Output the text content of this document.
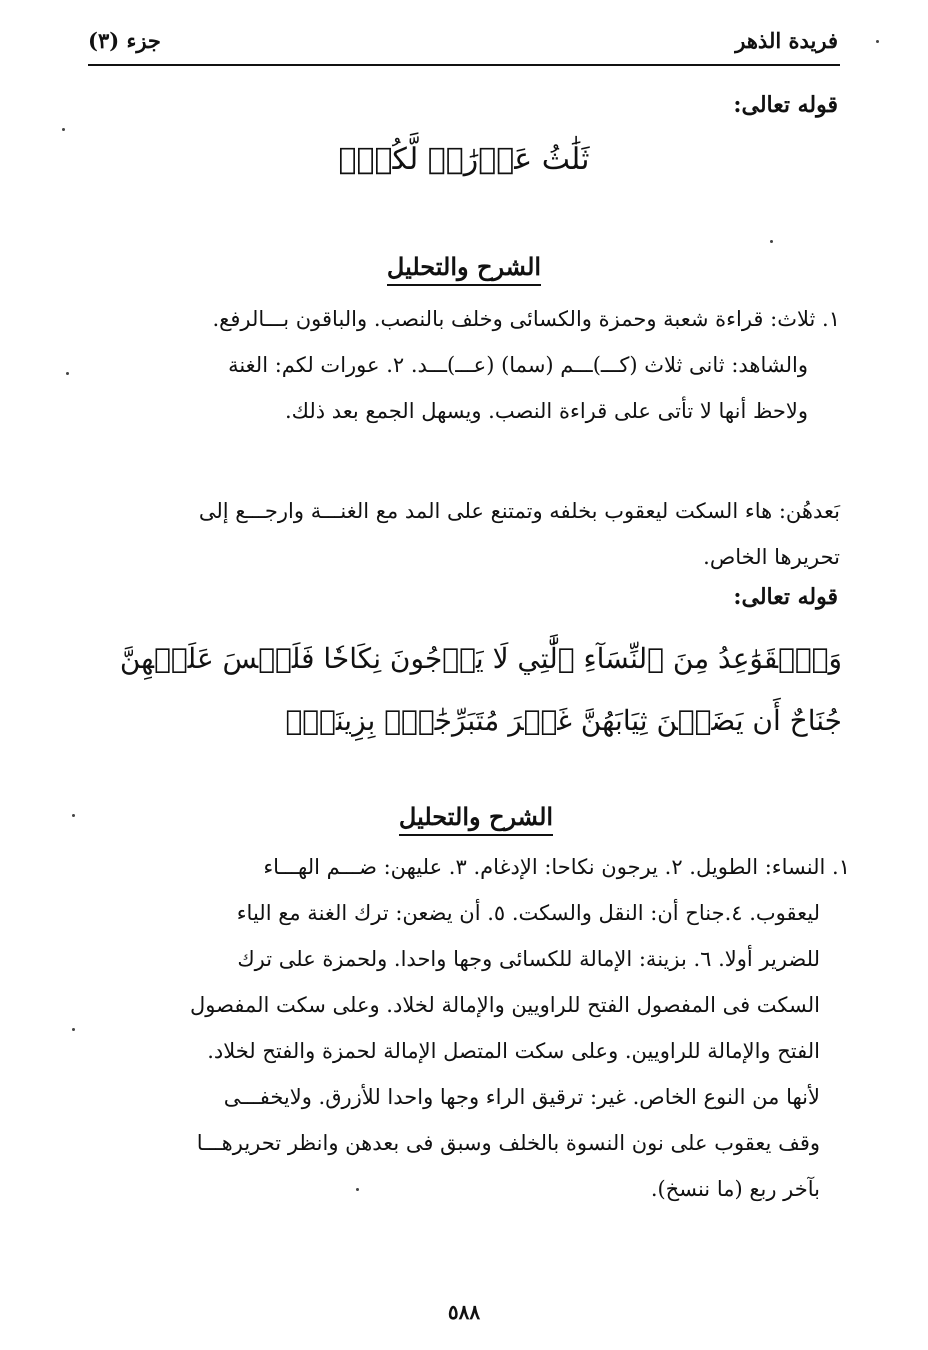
فريدة الذهر
جزء (٣)
قوله تعالى:
ثَلَٰثُ عَوۡرَٰتٖ لَّكُمۡۚ
الشرح والتحليل

١. ثلاث: قراءة شعبة وحمزة والكسائى وخلف بالنصب. والباقون بـــالرفع.

والشاهد: ثانى ثلاث (كـــ)ـــم (سما) (عـــ)ـــد. ٢. عورات لكم: الغنة

ولاحظ أنها لا تأتى على قراءة النصب. ويسهل الجمع بعد ذلك.

بَعدهُن: هاء السكت ليعقوب بخلفه وتمتنع على المد مع الغنـــة وارجـــع إلى

تحريرها الخاص.

قوله تعالى:
وَٱلۡقَوَٰعِدُ مِنَ ٱلنِّسَآءِ ٱلَّٰتِي لَا يَرۡجُونَ نِكَاحٗا فَلَيۡسَ عَلَيۡهِنَّ
جُنَاحٌ أَن يَضَعۡنَ ثِيَابَهُنَّ غَيۡرَ مُتَبَرِّجَٰتِۭ بِزِينَةٖۖ
الشرح والتحليل

١. النساء: الطويل. ٢. يرجون نكاحا: الإدغام. ٣. عليهن: ضـــم الهـــاء

ليعقوب. ٤.جناح أن: النقل والسكت. ٥. أن يضعن: ترك الغنة مع الياء

للضرير أولا. ٦. بزينة: الإمالة للكسائى وجها واحدا. ولحمزة على ترك

السكت فى المفصول الفتح للراويين والإمالة لخلاد. وعلى سكت المفصول

الفتح والإمالة للراويين. وعلى سكت المتصل الإمالة لحمزة والفتح لخلاد.

لأنها من النوع الخاص. غير: ترقيق الراء وجها واحدا للأزرق. ولايخفـــى

وقف يعقوب على نون النسوة بالخلف وسبق فى بعدهن وانظر تحريرهـــا

بآخر ربع (ما ننسخ).

٥٨٨
